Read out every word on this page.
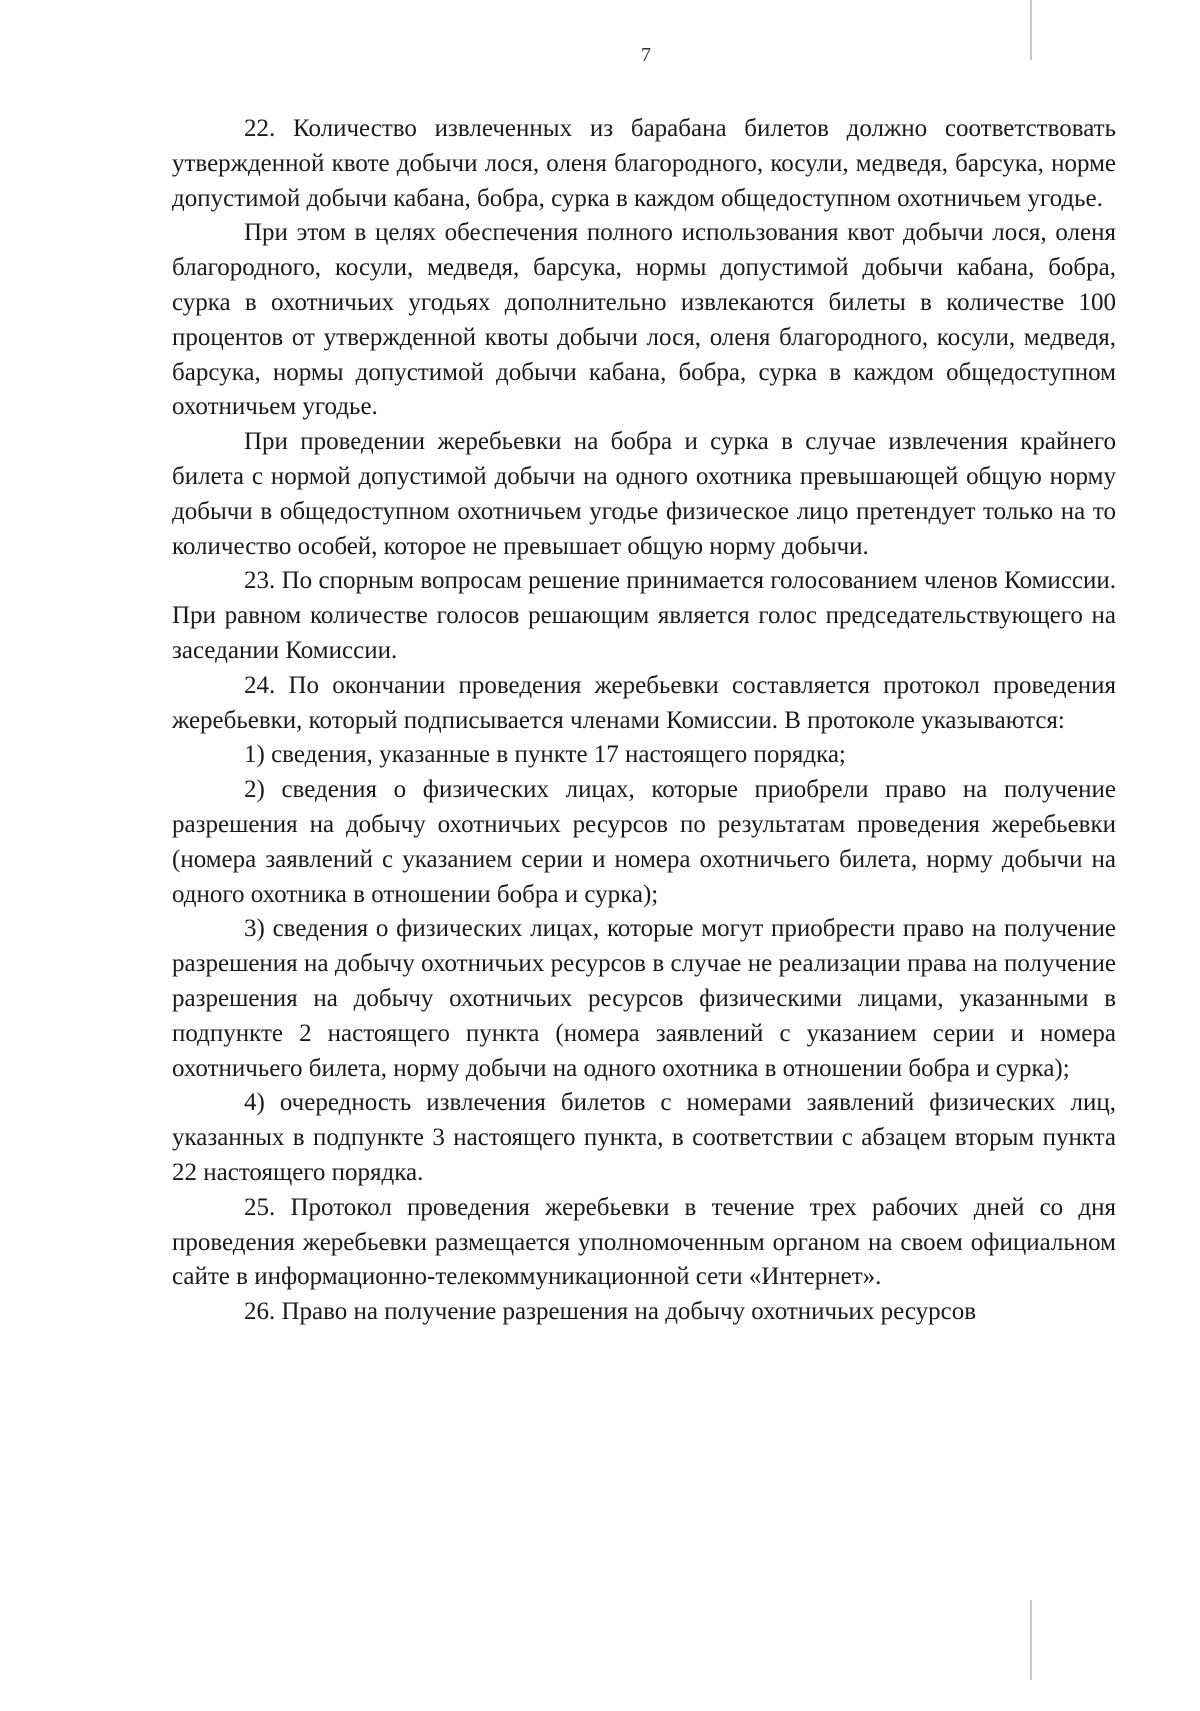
7

22. Количество извлеченных из барабана билетов должно соответствовать утвержденной квоте добычи лося, оленя благородного, косули, медведя, барсука, норме допустимой добычи кабана, бобра, сурка в каждом общедоступном охотничьем угодье.

При этом в целях обеспечения полного использования квот добычи лося, оленя благородного, косули, медведя, барсука, нормы допустимой добычи кабана, бобра, сурка в охотничьих угодьях дополнительно извлекаются билеты в количестве 100 процентов от утвержденной квоты добычи лося, оленя благородного, косули, медведя, барсука, нормы допустимой добычи кабана, бобра, сурка в каждом общедоступном охотничьем угодье.

При проведении жеребьевки на бобра и сурка в случае извлечения крайнего билета с нормой допустимой добычи на одного охотника превышающей общую норму добычи в общедоступном охотничьем угодье физическое лицо претендует только на то количество особей, которое не превышает общую норму добычи.

23. По спорным вопросам решение принимается голосованием членов Комиссии. При равном количестве голосов решающим является голос председательствующего на заседании Комиссии.

24. По окончании проведения жеребьевки составляется протокол проведения жеребьевки, который подписывается членами Комиссии. В протоколе указываются:

1) сведения, указанные в пункте 17 настоящего порядка;

2) сведения о физических лицах, которые приобрели право на получение разрешения на добычу охотничьих ресурсов по результатам проведения жеребьевки (номера заявлений с указанием серии и номера охотничьего билета, норму добычи на одного охотника в отношении бобра и сурка);

3) сведения о физических лицах, которые могут приобрести право на получение разрешения на добычу охотничьих ресурсов в случае не реализации права на получение разрешения на добычу охотничьих ресурсов физическими лицами, указанными в подпункте 2 настоящего пункта (номера заявлений с указанием серии и номера охотничьего билета, норму добычи на одного охотника в отношении бобра и сурка);

4) очередность извлечения билетов с номерами заявлений физических лиц, указанных в подпункте 3 настоящего пункта, в соответствии с абзацем вторым пункта 22 настоящего порядка.

25. Протокол проведения жеребьевки в течение трех рабочих дней со дня проведения жеребьевки размещается уполномоченным органом на своем официальном сайте в информационно-телекоммуникационной сети «Интернет».

26. Право на получение разрешения на добычу охотничьих ресурсов
